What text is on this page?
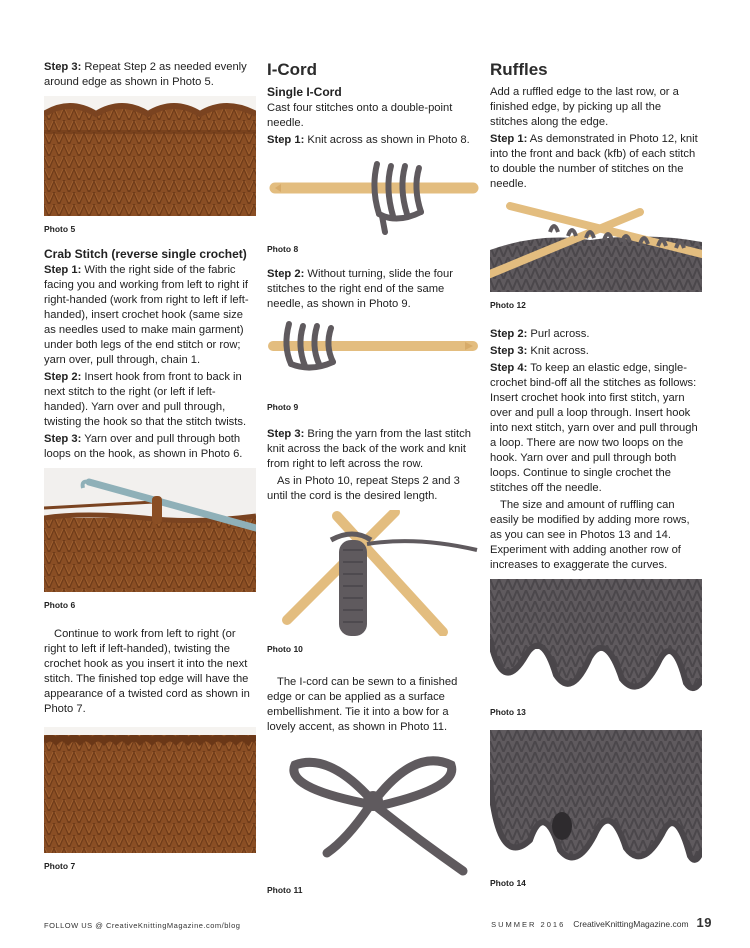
Step 3: Repeat Step 2 as needed evenly around edge as shown in Photo 5.

Photo 5
Crab Stitch (reverse single crochet)

Step 1: With the right side of the fabric facing you and working from left to right if right-handed (work from right to left if left-handed), insert crochet hook (same size as needles used to make main garment) under both legs of the end stitch or row; yarn over, pull through, chain 1.

Step 2: Insert hook from front to back in next stitch to the right (or left if left-handed). Yarn over and pull through, twisting the hook so that the stitch twists.

Step 3: Yarn over and pull through both loops on the hook, as shown in Photo 6.

Photo 6

Continue to work from left to right (or right to left if left-handed), twisting the crochet hook as you insert it into the next stitch. The finished top edge will have the appearance of a twisted cord as shown in Photo 7.

Photo 7
I-Cord
Single I-Cord

Cast four stitches onto a double-point needle.

Step 1: Knit across as shown in Photo 8.

Photo 8

Step 2: Without turning, slide the four stitches to the right end of the same needle, as shown in Photo 9.

Photo 9

Step 3: Bring the yarn from the last stitch knit across the back of the work and knit from right to left across the row.

As in Photo 10, repeat Steps 2 and 3 until the cord is the desired length.

Photo 10

The I-cord can be sewn to a finished edge or can be applied as a surface embellishment. Tie it into a bow for a lovely accent, as shown in Photo 11.

Photo 11
Ruffles

Add a ruffled edge to the last row, or a finished edge, by picking up all the stitches along the edge.

Step 1: As demonstrated in Photo 12, knit into the front and back (kfb) of each stitch to double the number of stitches on the needle.

Photo 12

Step 2: Purl across.

Step 3: Knit across.

Step 4: To keep an elastic edge, single-crochet bind-off all the stitches as follows: Insert crochet hook into first stitch, yarn over and pull a loop through. Insert hook into next stitch, yarn over and pull through a loop. There are now two loops on the hook. Yarn over and pull through both loops. Continue to single crochet the stitches off the needle.

The size and amount of ruffling can easily be modified by adding more rows, as you can see in Photos 13 and 14. Experiment with adding another row of increases to exaggerate the curves.

Photo 13
Photo 14
FOLLOW US @ CreativeKnittingMagazine.com/blog	SUMMER 2016 CreativeKnittingMagazine.com 19
